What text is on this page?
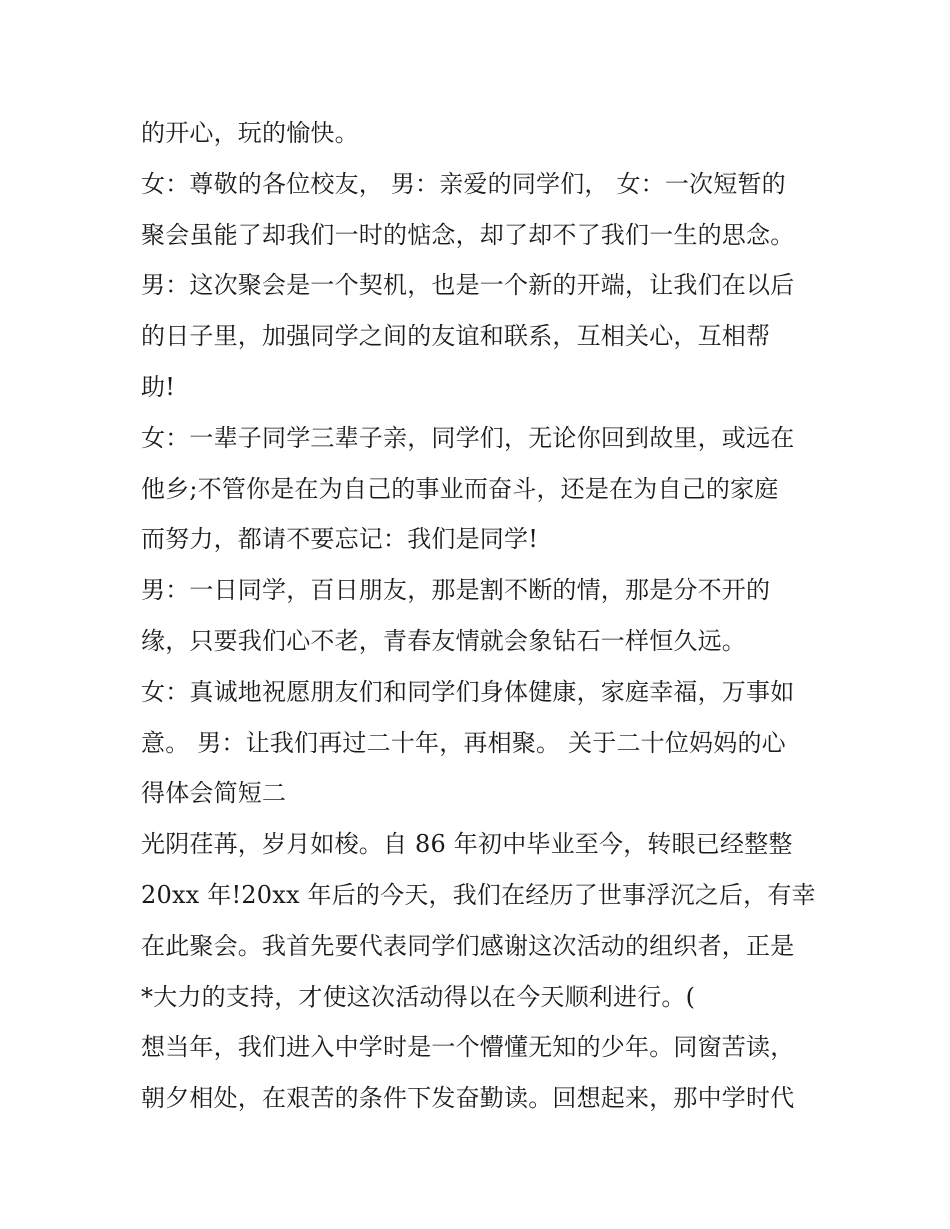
的开心，玩的愉快。
女：尊敬的各位校友， 男：亲爱的同学们， 女：一次短暂的
聚会虽能了却我们一时的惦念，却了却不了我们一生的思念。
男：这次聚会是一个契机，也是一个新的开端，让我们在以后
的日子里，加强同学之间的友谊和联系，互相关心，互相帮
助!
女：一辈子同学三辈子亲，同学们，无论你回到故里，或远在
他乡;不管你是在为自己的事业而奋斗，还是在为自己的家庭
而努力，都请不要忘记：我们是同学!
男：一日同学，百日朋友，那是割不断的情，那是分不开的
缘，只要我们心不老，青春友情就会象钻石一样恒久远。
女：真诚地祝愿朋友们和同学们身体健康，家庭幸福，万事如
意。 男：让我们再过二十年，再相聚。 关于二十位妈妈的心
得体会简短二
光阴荏苒，岁月如梭。自 86 年初中毕业至今，转眼已经整整
20xx 年!20xx 年后的今天，我们在经历了世事浮沉之后，有幸
在此聚会。我首先要代表同学们感谢这次活动的组织者，正是
*大力的支持，才使这次活动得以在今天顺利进行。(
想当年，我们进入中学时是一个懵懂无知的少年。同窗苦读，
朝夕相处，在艰苦的条件下发奋勤读。回想起来，那中学时代
